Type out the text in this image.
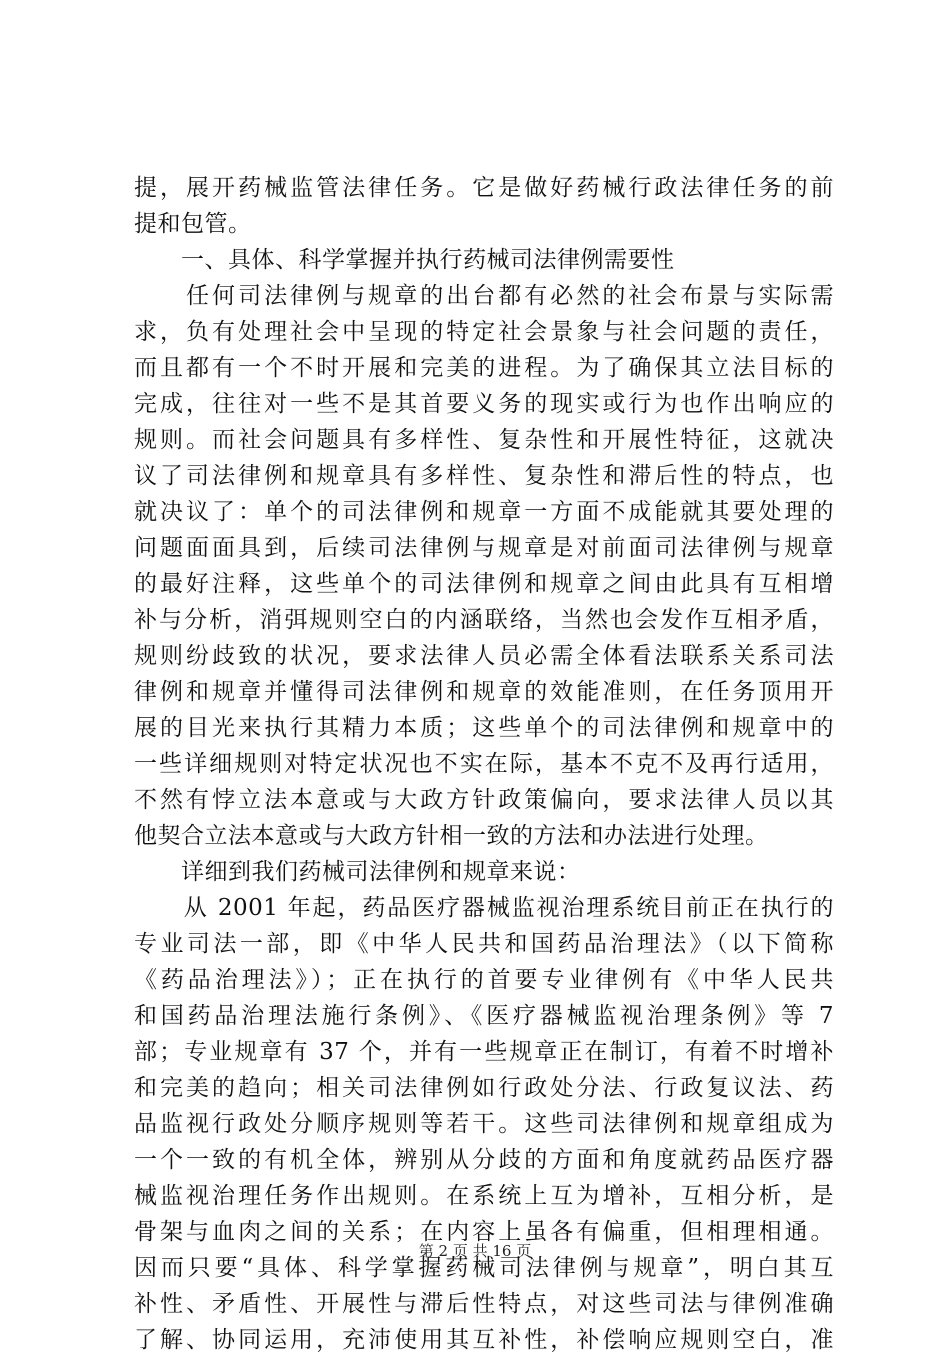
提，展开药械监管法律任务。它是做好药械行政法律任务的前
提和包管。
　　一、具体、科学掌握并执行药械司法律例需要性
　　任何司法律例与规章的出台都有必然的社会布景与实际需
求，负有处理社会中呈现的特定社会景象与社会问题的责任，
而且都有一个不时开展和完美的进程。为了确保其立法目标的
完成，往往对一些不是其首要义务的现实或行为也作出响应的
规则。而社会问题具有多样性、复杂性和开展性特征，这就决
议了司法律例和规章具有多样性、复杂性和滞后性的特点，也
就决议了：单个的司法律例和规章一方面不成能就其要处理的
问题面面具到，后续司法律例与规章是对前面司法律例与规章
的最好注释，这些单个的司法律例和规章之间由此具有互相增
补与分析，消弭规则空白的内涵联络，当然也会发作互相矛盾，
规则纷歧致的状况，要求法律人员必需全体看法联系关系司法
律例和规章并懂得司法律例和规章的效能准则，在任务顶用开
展的目光来执行其精力本质；这些单个的司法律例和规章中的
一些详细规则对特定状况也不实在际，基本不克不及再行适用，
不然有悖立法本意或与大政方针政策偏向，要求法律人员以其
他契合立法本意或与大政方针相一致的方法和办法进行处理。
　　详细到我们药械司法律例和规章来说：
　　从 2001 年起，药品医疗器械监视治理系统目前正在执行的
专业司法一部，即《中华人民共和国药品治理法》（以下简称
《药品治理法》）；正在执行的首要专业律例有《中华人民共
和国药品治理法施行条例》、《医疗器械监视治理条例》等 7
部；专业规章有 37 个，并有一些规章正在制订，有着不时增补
和完美的趋向；相关司法律例如行政处分法、行政复议法、药
品监视行政处分顺序规则等若干。这些司法律例和规章组成为
一个一致的有机全体，辨别从分歧的方面和角度就药品医疗器
械监视治理任务作出规则。在系统上互为增补，互相分析，是
骨架与血肉之间的关系；在内容上虽各有偏重，但相理相通。
因而只要“具体、科学掌握药械司法律例与规章”，明白其互
补性、矛盾性、开展性与滞后性特点，对这些司法与律例准确
了解、协同运用，充沛使用其互补性，补偿响应规则空白，准
第 2 页 共 16 页
